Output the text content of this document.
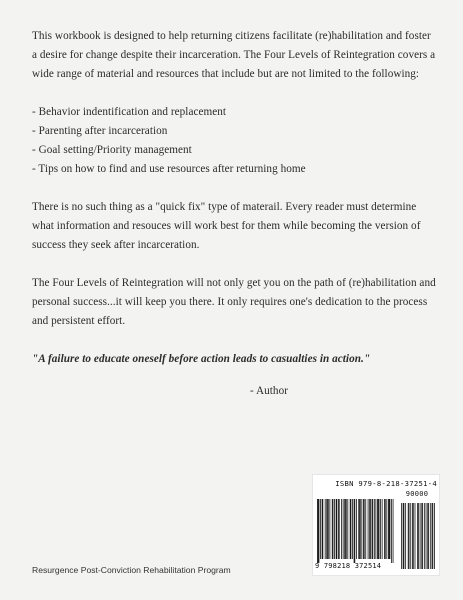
This workbook is designed to help returning citizens facilitate (re)habilitation and foster a desire for change despite their incarceration. The Four Levels of Reintegration covers a wide range of material and resources that include but are not limited to the following:

- Behavior indentification and replacement
- Parenting after incarceration
- Goal setting/Priority management
- Tips on how to find and use resources after returning home

There is no such thing as a "quick fix" type of materail. Every reader must determine what information and resouces will work best for them while becoming the version of success they seek after incarceration.

The Four Levels of Reintegration will not only get you on the path of (re)habilitation and personal success...it will keep you there. It only requires one's dedication to the process and persistent effort.

"A failure to educate oneself before action leads to casualties in action."

- Author

ISBN 979-8-218-37251-4
90000
9 798218 372514
Resurgence Post-Conviction Rehabilitation Program
